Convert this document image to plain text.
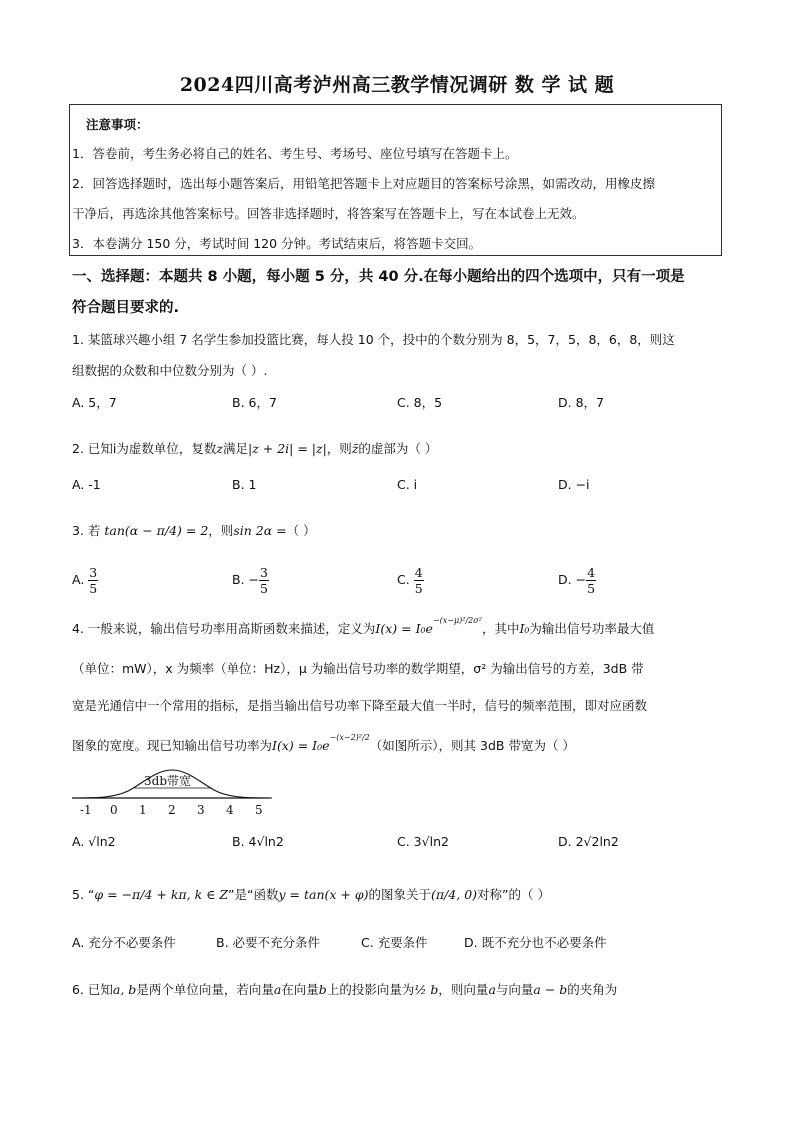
2024四川高考泸州高三教学情况调研 数 学 试 题
注意事项：
1．答卷前，考生务必将自己的姓名、考生号、考场号、座位号填写在答题卡上。
2．回答选择题时，选出每小题答案后，用铅笔把答题卡上对应题目的答案标号涂黑，如需改动，用橡皮擦
干净后，再选涂其他答案标号。回答非选择题时，将答案写在答题卡上，写在本试卷上无效。
3．本卷满分 150 分，考试时间 120 分钟。考试结束后，将答题卡交回。
一、选择题：本题共 8 小题，每小题 5 分，共 40 分.在每小题给出的四个选项中，只有一项是
符合题目要求的.
1. 某篮球兴趣小组 7 名学生参加投篮比赛，每人投 10 个，投中的个数分别为 8，5，7，5，8，6，8，则这
组数据的众数和中位数分别为（ ）.
A. 5，7	B. 6，7	C. 8，5	D. 8，7
2. 已知i为虚数单位，复数z满足|z + 2i| = |z|，则z̄的虚部为（ ）
A. -1	B. 1	C. i	D. −i
3. 若 tan(α − π/4) = 2，则sin 2α =（ ）
A. $\frac{3}{5}$	B. − $\frac{3}{5}$	C. $\frac{4}{5}$	D. − $\frac{4}{5}$
4. 一般来说，输出信号功率用高斯函数来描述，定义为$I(x) = I_0e^{-(x-\mu)^2/2\sigma^2}$，其中I₀为输出信号功率最大值
（单位：mW），x 为频率（单位：Hz），μ 为输出信号功率的数学期望，σ² 为输出信号的方差，3dB 带
宽是光通信中一个常用的指标，是指当输出信号功率下降至最大值一半时，信号的频率范围，即对应函数
图象的宽度。现已知输出信号功率为$I(x) = I_0e^{-(x-2)^2/2}$（如图所示），则其 3dB 带宽为（ ）
3db带宽
-1 0 1 2 3 4 5
A. √ln2	B. 4√ln2	C. 3√ln2	D. 2√2ln2
5. “φ = −π/4 + kπ, k ∈ Z”是“函数y = tan(x + φ)的图象关于(π/4, 0)对称”的（ ）
A. 充分不必要条件	B. 必要不充分条件	C. 充要条件	D. 既不充分也不必要条件
6. 已知a, b是两个单位向量，若向量a在向量b上的投影向量为½ b，则向量a与向量a − b的夹角为
